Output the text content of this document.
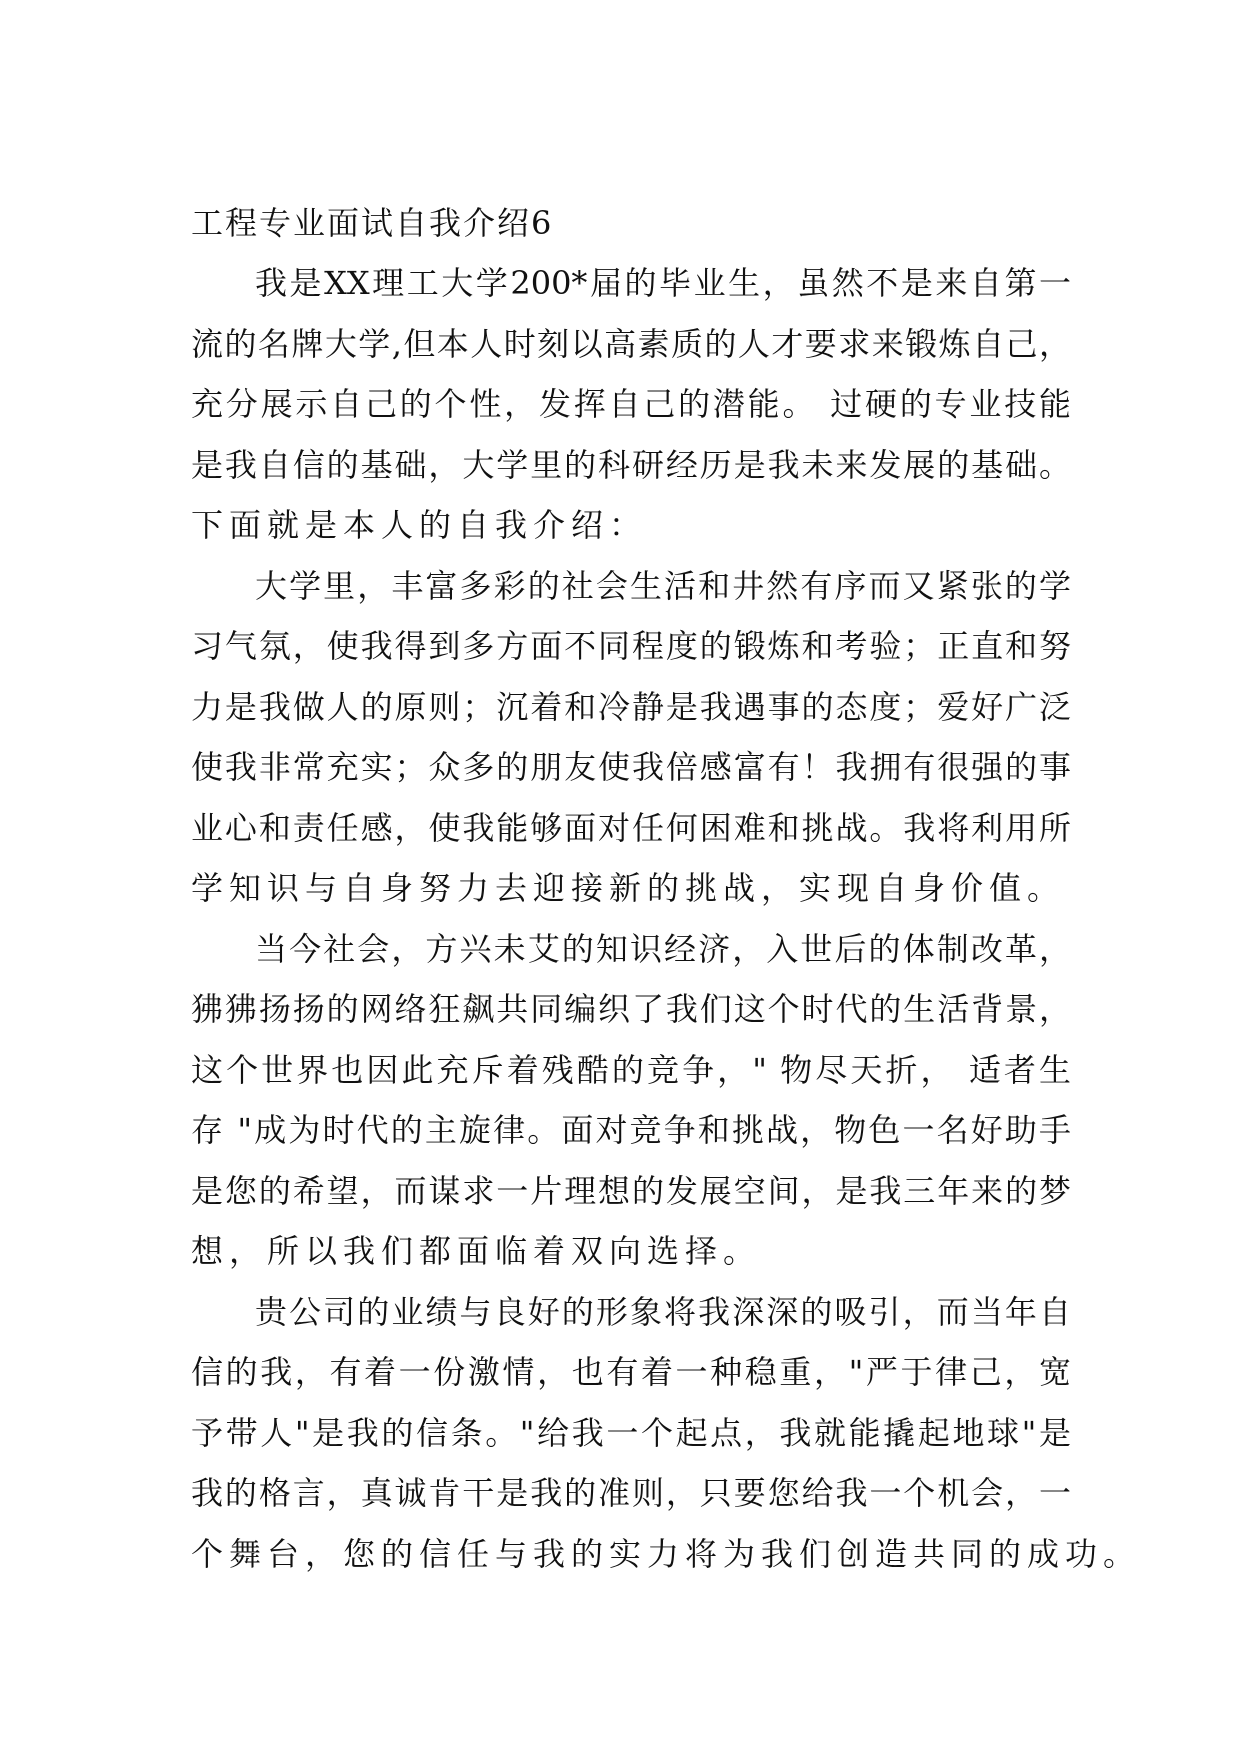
工程专业面试自我介绍6
我是XX理工大学200*届的毕业生，虽然不是来自第一
流的名牌大学,但本人时刻以高素质的人才要求来锻炼自己，
充分展示自己的个性，发挥自己的潜能。 过硬的专业技能
是我自信的基础，大学里的科研经历是我未来发展的基础。
下面就是本人的自我介绍：
大学里，丰富多彩的社会生活和井然有序而又紧张的学
习气氛，使我得到多方面不同程度的锻炼和考验；正直和努
力是我做人的原则；沉着和冷静是我遇事的态度；爱好广泛
使我非常充实；众多的朋友使我倍感富有！我拥有很强的事
业心和责任感，使我能够面对任何困难和挑战。我将利用所
学知识与自身努力去迎接新的挑战，实现自身价值。
当今社会，方兴未艾的知识经济，入世后的体制改革，
狒狒扬扬的网络狂飙共同编织了我们这个时代的生活背景，
这个世界也因此充斥着残酷的竞争，" 物尽天折， 适者生
存 "成为时代的主旋律。面对竞争和挑战，物色一名好助手
是您的希望，而谋求一片理想的发展空间，是我三年来的梦
想，所以我们都面临着双向选择。
贵公司的业绩与良好的形象将我深深的吸引，而当年自
信的我，有着一份激情，也有着一种稳重，"严于律己，宽
予带人"是我的信条。"给我一个起点，我就能撬起地球"是
我的格言，真诚肯干是我的准则，只要您给我一个机会，一
个舞台，您的信任与我的实力将为我们创造共同的成功。
